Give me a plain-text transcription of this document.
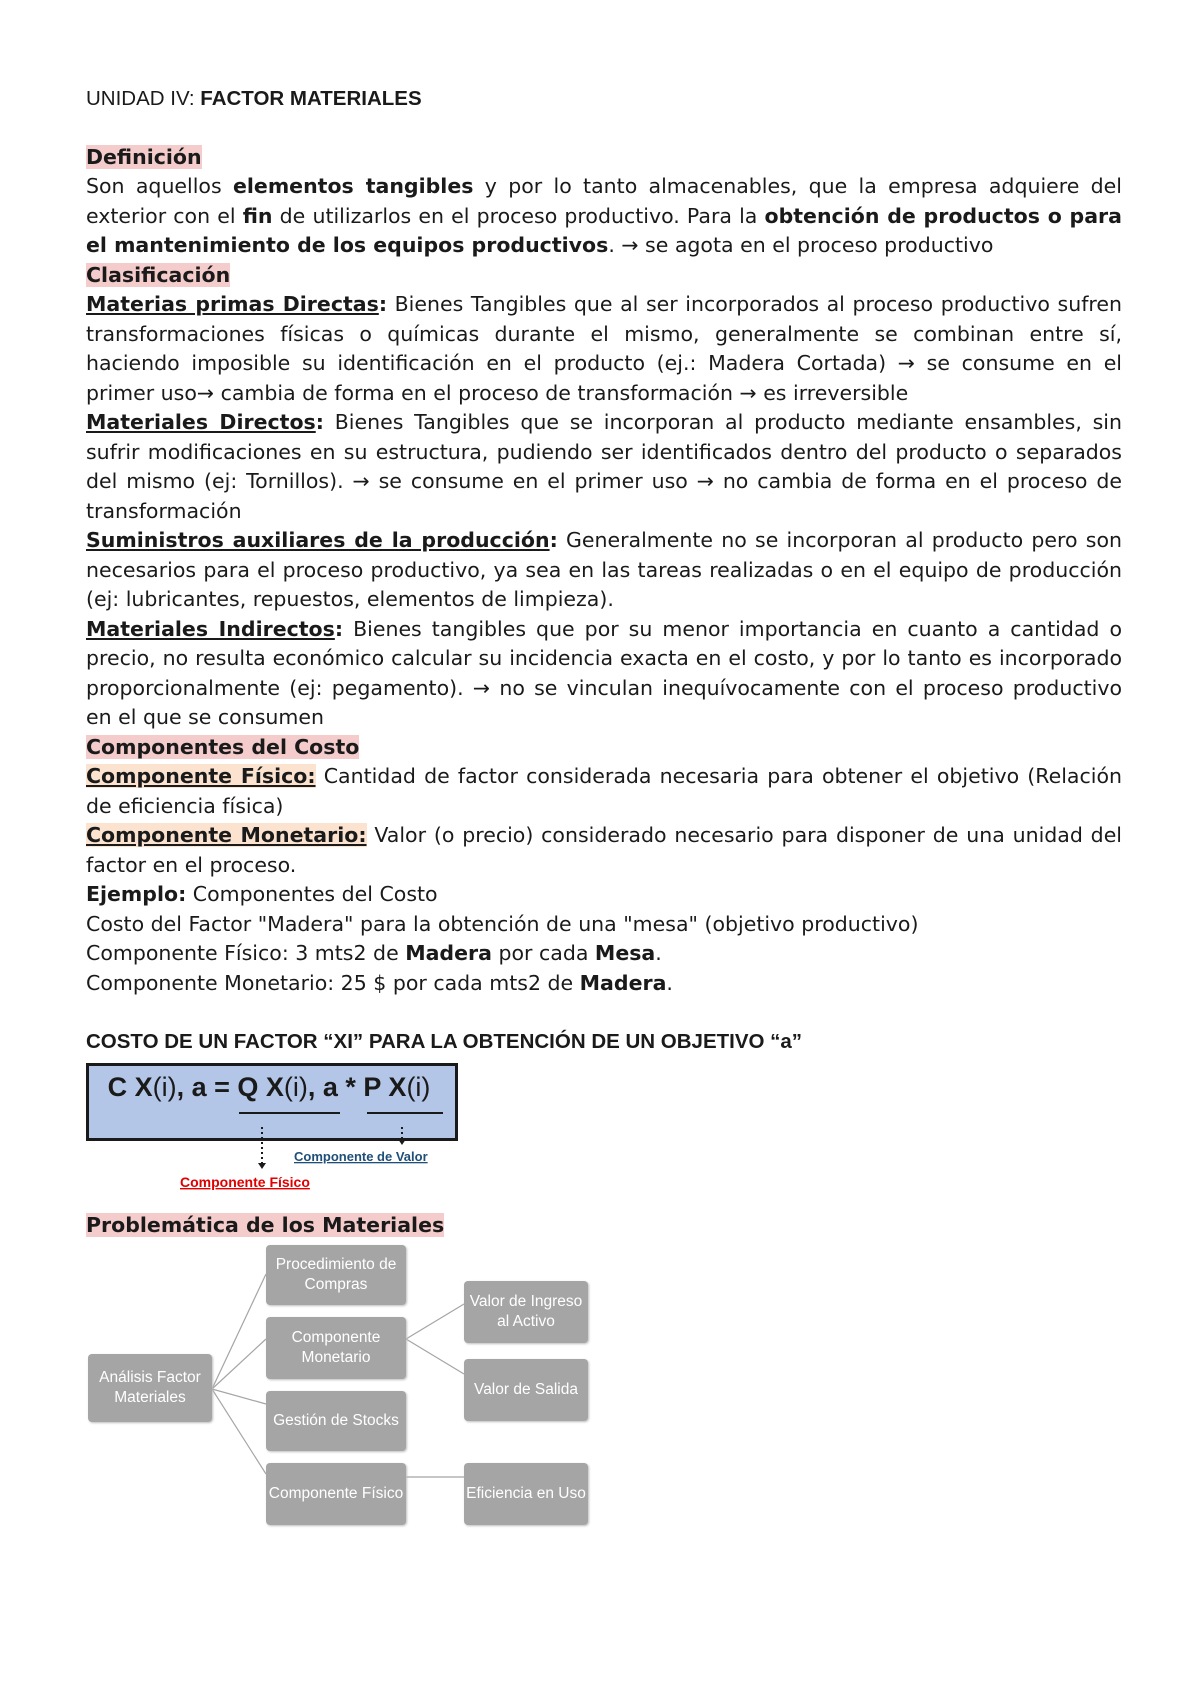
UNIDAD IV: FACTOR MATERIALES

Definición

Son aquellos elementos tangibles y por lo tanto almacenables, que la empresa adquiere del exterior con el fin de utilizarlos en el proceso productivo. Para la obtención de productos o para el mantenimiento de los equipos productivos. → se agota en el proceso productivo

Clasificación

Materias primas Directas: Bienes Tangibles que al ser incorporados al proceso productivo sufren transformaciones físicas o químicas durante el mismo, generalmente se combinan entre sí, haciendo imposible su identificación en el producto (ej.: Madera Cortada) → se consume en el primer uso→ cambia de forma en el proceso de transformación → es irreversible

Materiales Directos: Bienes Tangibles que se incorporan al producto mediante ensambles, sin sufrir modificaciones en su estructura, pudiendo ser identificados dentro del producto o separados del mismo (ej: Tornillos). → se consume en el primer uso → no cambia de forma en el proceso de transformación

Suministros auxiliares de la producción: Generalmente no se incorporan al producto pero son necesarios para el proceso productivo, ya sea en las tareas realizadas o en el equipo de producción (ej: lubricantes, repuestos, elementos de limpieza).

Materiales Indirectos: Bienes tangibles que por su menor importancia en cuanto a cantidad o precio, no resulta económico calcular su incidencia exacta en el costo, y por lo tanto es incorporado proporcionalmente (ej: pegamento). → no se vinculan inequívocamente con el proceso productivo en el que se consumen

Componentes del Costo

Componente Físico: Cantidad de factor considerada necesaria para obtener el objetivo (Relación de eficiencia física)

Componente Monetario: Valor (o precio) considerado necesario para disponer de una unidad del factor en el proceso.

Ejemplo: Componentes del Costo

Costo del Factor "Madera" para la obtención de una "mesa" (objetivo productivo)

Componente Físico: 3 mts2 de Madera por cada Mesa.

Componente Monetario: 25 $ por cada mts2 de Madera.

COSTO DE UN FACTOR “XI” PARA LA OBTENCIÓN DE UN OBJETIVO “a”

C X(i), a = Q X(i), a * P X(i)
Componente de Valor
Componente Físico

Problemática de los Materiales

Análisis Factor Materiales
Procedimiento de Compras
Componente Monetario
Gestión de Stocks
Componente Físico
Valor de Ingreso al Activo
Valor de Salida
Eficiencia en Uso
